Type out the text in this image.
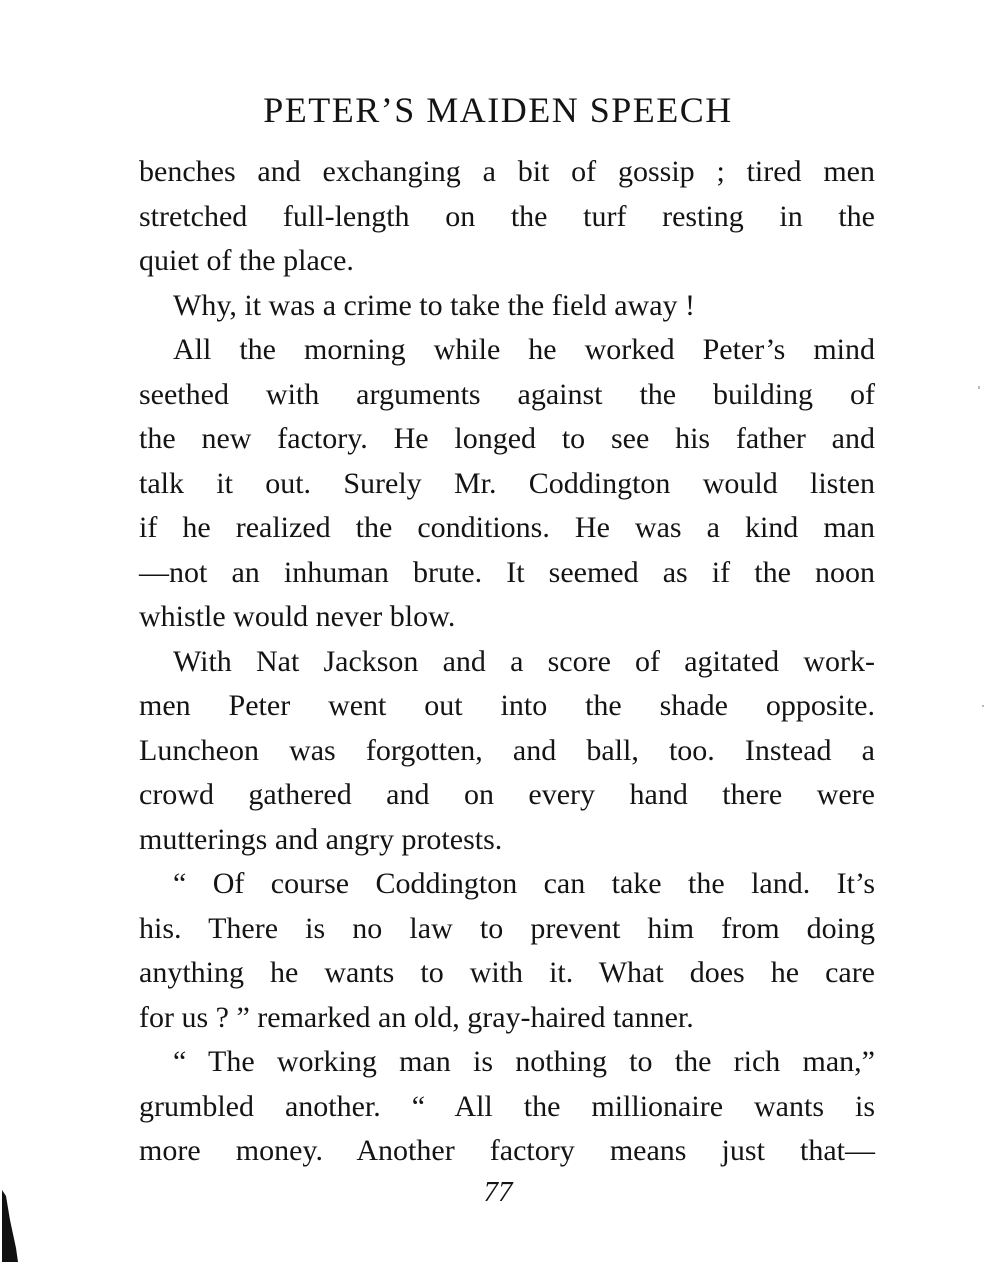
PETER’S MAIDEN SPEECH

benches and exchanging a bit of gossip ; tired men
stretched full-length on the turf resting in the
quiet of the place.

Why, it was a crime to take the field away !

All the morning while he worked Peter’s mind
seethed with arguments against the building of
the new factory. He longed to see his father and
talk it out. Surely Mr. Coddington would listen
if he realized the conditions. He was a kind man
—not an inhuman brute. It seemed as if the noon
whistle would never blow.

With Nat Jackson and a score of agitated work-
men Peter went out into the shade opposite.
Luncheon was forgotten, and ball, too. Instead a
crowd gathered and on every hand there were
mutterings and angry protests.

“ Of course Coddington can take the land. It’s
his. There is no law to prevent him from doing
anything he wants to with it. What does he care
for us ? ” remarked an old, gray-haired tanner.

“ The working man is nothing to the rich man,”
grumbled another. “ All the millionaire wants is
more money. Another factory means just that—

77
